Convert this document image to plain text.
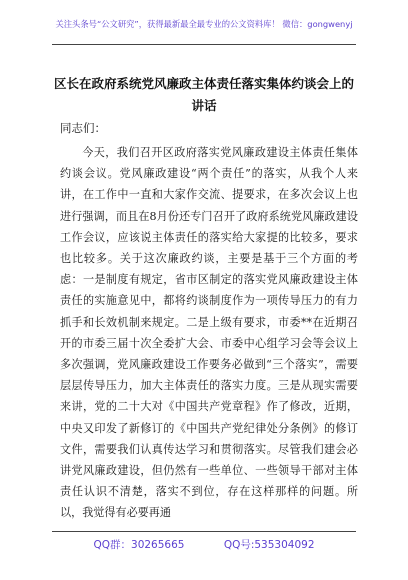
关注头条号“公文研究”，获得最新最全最专业的公文资料库！ 微信：gongwenyj
区长在政府系统党风廉政主体责任落实集体约谈会上的讲话
同志们：

今天，我们召开区政府落实党风廉政建设主体责任集体约谈会议。党风廉政建设“两个责任”的落实，从我个人来讲，在工作中一直和大家作交流、提要求，在多次会议上也进行强调，而且在8月份还专门召开了政府系统党风廉政建设工作会议，应该说主体责任的落实给大家提的比较多，要求也比较多。关于这次廉政约谈，主要是基于三个方面的考虑：一是制度有规定，省市区制定的落实党风廉政建设主体责任的实施意见中，都将约谈制度作为一项传导压力的有力抓手和长效机制来规定。二是上级有要求，市委**在近期召开的市委三届十次全委扩大会、市委中心组学习会等会议上多次强调，党风廉政建设工作要务必做到“三个落实”，需要层层传导压力，加大主体责任的落实力度。三是从现实需要来讲，党的二十大对《中国共产党章程》作了修改，近期，中央又印发了新修订的《中国共产党纪律处分条例》的修订文件，需要我们认真传达学习和贯彻落实。尽管我们建会必讲党风廉政建设，但仍然有一些单位、一些领导干部对主体责任认识不清楚，落实不到位，存在这样那样的问题。所以，我觉得有必要再通

QQ群：30265665	QQ号:535304092
